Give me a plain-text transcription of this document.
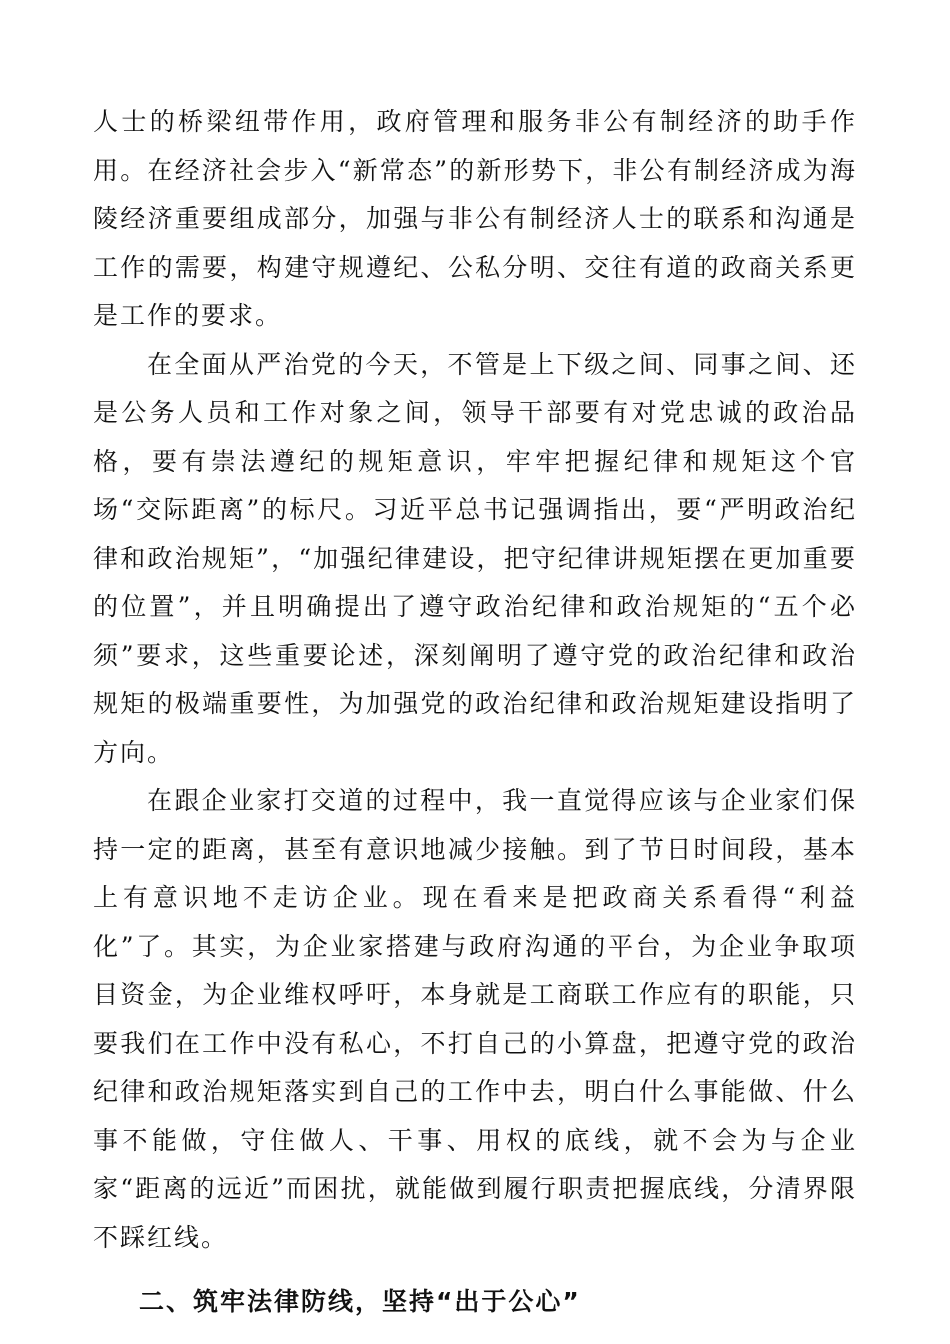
人士的桥梁纽带作用，政府管理和服务非公有制经济的助手作用。在经济社会步入“新常态”的新形势下，非公有制经济成为海陵经济重要组成部分，加强与非公有制经济人士的联系和沟通是工作的需要，构建守规遵纪、公私分明、交往有道的政商关系更是工作的要求。

在全面从严治党的今天，不管是上下级之间、同事之间、还是公务人员和工作对象之间，领导干部要有对党忠诚的政治品格，要有崇法遵纪的规矩意识，牢牢把握纪律和规矩这个官场“交际距离”的标尺。习近平总书记强调指出，要“严明政治纪律和政治规矩”，“加强纪律建设，把守纪律讲规矩摆在更加重要的位置”，并且明确提出了遵守政治纪律和政治规矩的“五个必须”要求，这些重要论述，深刻阐明了遵守党的政治纪律和政治规矩的极端重要性，为加强党的政治纪律和政治规矩建设指明了方向。

在跟企业家打交道的过程中，我一直觉得应该与企业家们保持一定的距离，甚至有意识地减少接触。到了节日时间段，基本上有意识地不走访企业。现在看来是把政商关系看得“利益化”了。其实，为企业家搭建与政府沟通的平台，为企业争取项目资金，为企业维权呼吁，本身就是工商联工作应有的职能，只要我们在工作中没有私心，不打自己的小算盘，把遵守党的政治纪律和政治规矩落实到自己的工作中去，明白什么事能做、什么事不能做，守住做人、干事、用权的底线，就不会为与企业家“距离的远近”而困扰，就能做到履行职责把握底线，分清界限不踩红线。

二、筑牢法律防线，坚持“出于公心”
